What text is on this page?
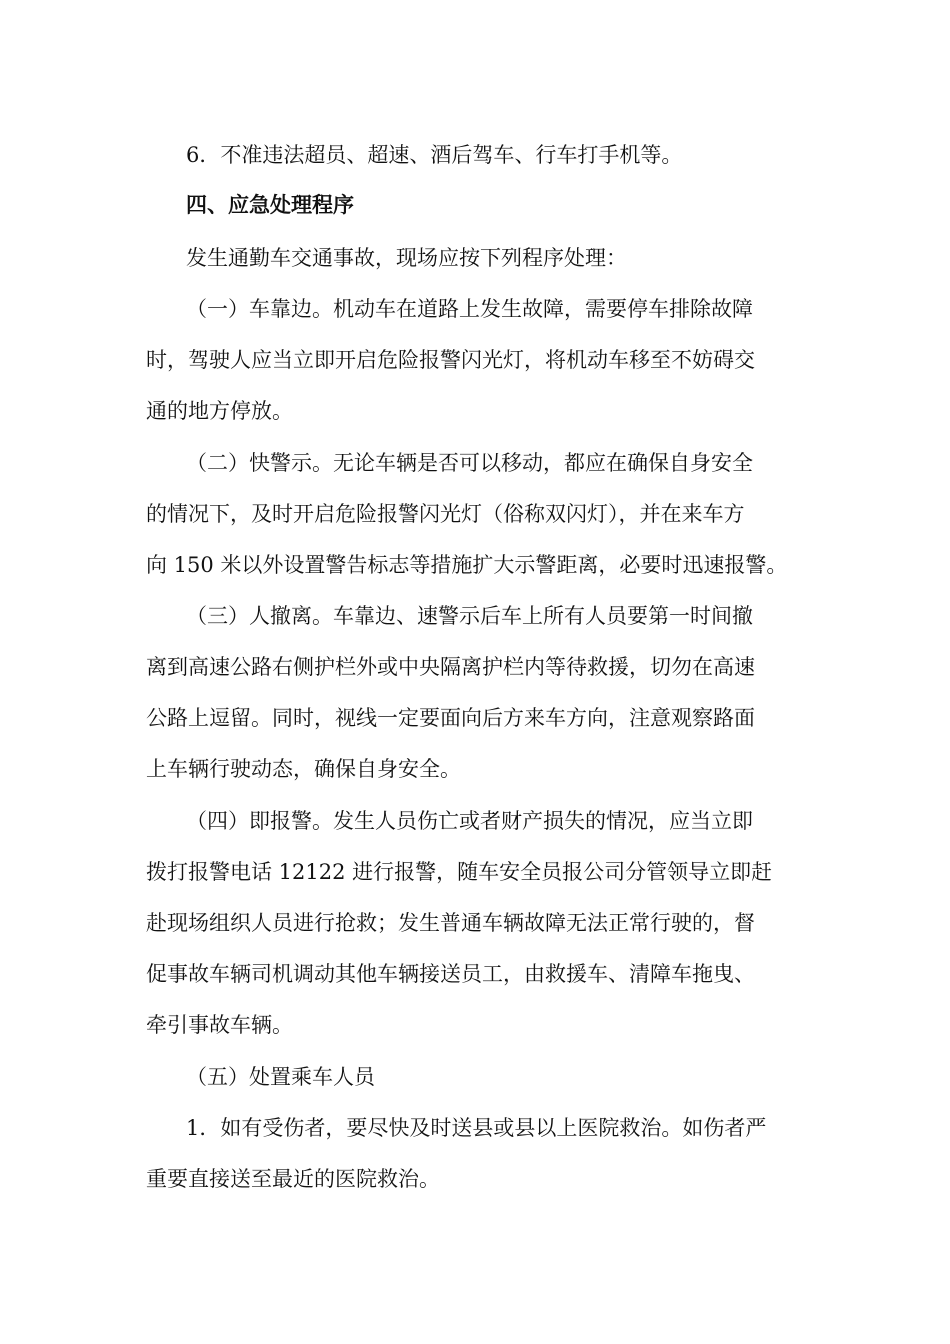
6．不准违法超员、超速、酒后驾车、行车打手机等。
四、应急处理程序
发生通勤车交通事故，现场应按下列程序处理：
（一）车靠边。机动车在道路上发生故障，需要停车排除故障
时，驾驶人应当立即开启危险报警闪光灯，将机动车移至不妨碍交
通的地方停放。
（二）快警示。无论车辆是否可以移动，都应在确保自身安全
的情况下，及时开启危险报警闪光灯（俗称双闪灯），并在来车方
向 150 米以外设置警告标志等措施扩大示警距离，必要时迅速报警。
（三）人撤离。车靠边、速警示后车上所有人员要第一时间撤
离到高速公路右侧护栏外或中央隔离护栏内等待救援，切勿在高速
公路上逗留。同时，视线一定要面向后方来车方向，注意观察路面
上车辆行驶动态，确保自身安全。
（四）即报警。发生人员伤亡或者财产损失的情况，应当立即
拨打报警电话 12122 进行报警，随车安全员报公司分管领导立即赶
赴现场组织人员进行抢救；发生普通车辆故障无法正常行驶的，督
促事故车辆司机调动其他车辆接送员工，由救援车、清障车拖曳、
牵引事故车辆。
（五）处置乘车人员
1．如有受伤者，要尽快及时送县或县以上医院救治。如伤者严
重要直接送至最近的医院救治。
